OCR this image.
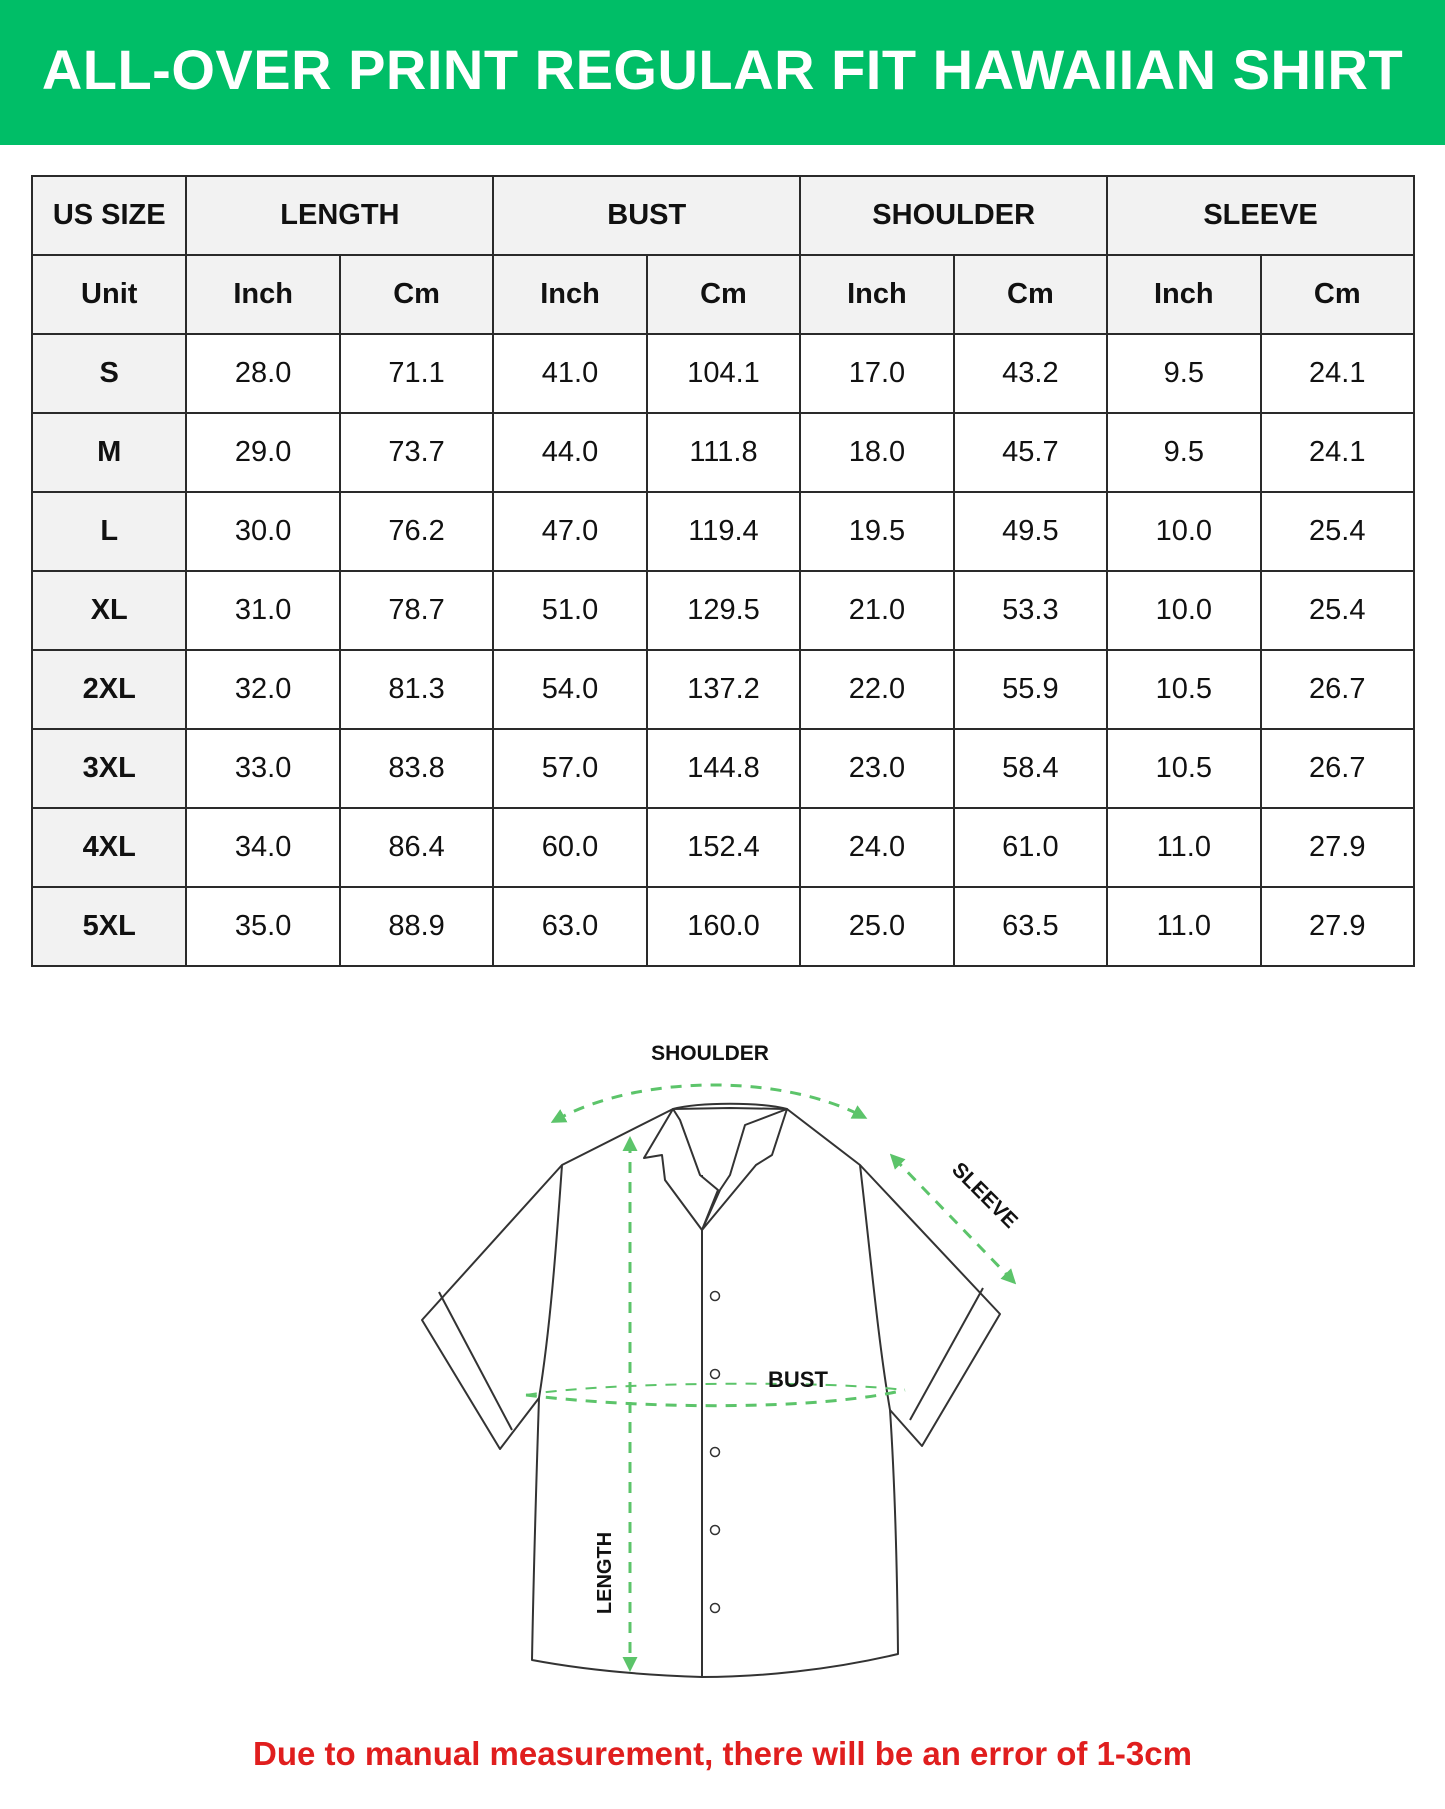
ALL-OVER PRINT REGULAR FIT HAWAIIAN SHIRT
US SIZE	LENGTH		BUST		SHOULDER		SLEEVE	
Unit	Inch	Cm	Inch	Cm	Inch	Cm	Inch	Cm
S	28.0	71.1	41.0	104.1	17.0	43.2	9.5	24.1
M	29.0	73.7	44.0	111.8	18.0	45.7	9.5	24.1
L	30.0	76.2	47.0	119.4	19.5	49.5	10.0	25.4
XL	31.0	78.7	51.0	129.5	21.0	53.3	10.0	25.4
2XL	32.0	81.3	54.0	137.2	22.0	55.9	10.5	26.7
3XL	33.0	83.8	57.0	144.8	23.0	58.4	10.5	26.7
4XL	34.0	86.4	60.0	152.4	24.0	61.0	11.0	27.9
5XL	35.0	88.9	63.0	160.0	25.0	63.5	11.0	27.9
SHOULDER
SLEEVE
BUST
LENGTH
Due to manual measurement, there will be an error of 1-3cm
